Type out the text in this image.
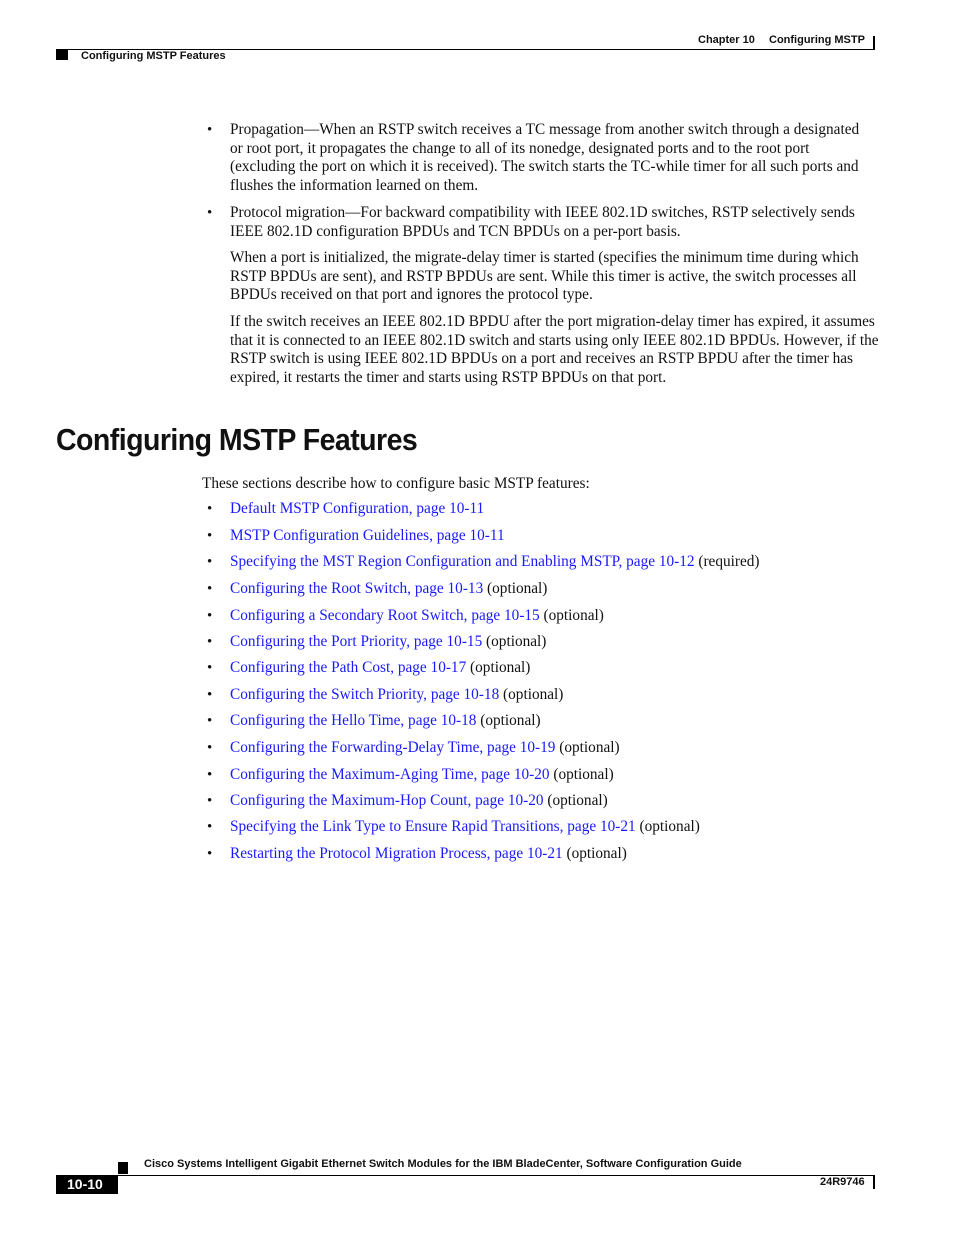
Chapter 10 Configuring MSTP
Configuring MSTP Features
• Propagation—When an RSTP switch receives a TC message from another switch through a designated or root port, it propagates the change to all of its nonedge, designated ports and to the root port (excluding the port on which it is received). The switch starts the TC-while timer for all such ports and flushes the information learned on them.

• Protocol migration—For backward compatibility with IEEE 802.1D switches, RSTP selectively sends IEEE 802.1D configuration BPDUs and TCN BPDUs on a per-port basis.

When a port is initialized, the migrate-delay timer is started (specifies the minimum time during which RSTP BPDUs are sent), and RSTP BPDUs are sent. While this timer is active, the switch processes all BPDUs received on that port and ignores the protocol type.

If the switch receives an IEEE 802.1D BPDU after the port migration-delay timer has expired, it assumes that it is connected to an IEEE 802.1D switch and starts using only IEEE 802.1D BPDUs. However, if the RSTP switch is using IEEE 802.1D BPDUs on a port and receives an RSTP BPDU after the timer has expired, it restarts the timer and starts using RSTP BPDUs on that port.

Configuring MSTP Features

These sections describe how to configure basic MSTP features:

• Default MSTP Configuration, page 10-11
• MSTP Configuration Guidelines, page 10-11
• Specifying the MST Region Configuration and Enabling MSTP, page 10-12 (required)
• Configuring the Root Switch, page 10-13 (optional)
• Configuring a Secondary Root Switch, page 10-15 (optional)
• Configuring the Port Priority, page 10-15 (optional)
• Configuring the Path Cost, page 10-17 (optional)
• Configuring the Switch Priority, page 10-18 (optional)
• Configuring the Hello Time, page 10-18 (optional)
• Configuring the Forwarding-Delay Time, page 10-19 (optional)
• Configuring the Maximum-Aging Time, page 10-20 (optional)
• Configuring the Maximum-Hop Count, page 10-20 (optional)
• Specifying the Link Type to Ensure Rapid Transitions, page 10-21 (optional)
• Restarting the Protocol Migration Process, page 10-21 (optional)
10-10
Cisco Systems Intelligent Gigabit Ethernet Switch Modules for the IBM BladeCenter, Software Configuration Guide
24R9746
